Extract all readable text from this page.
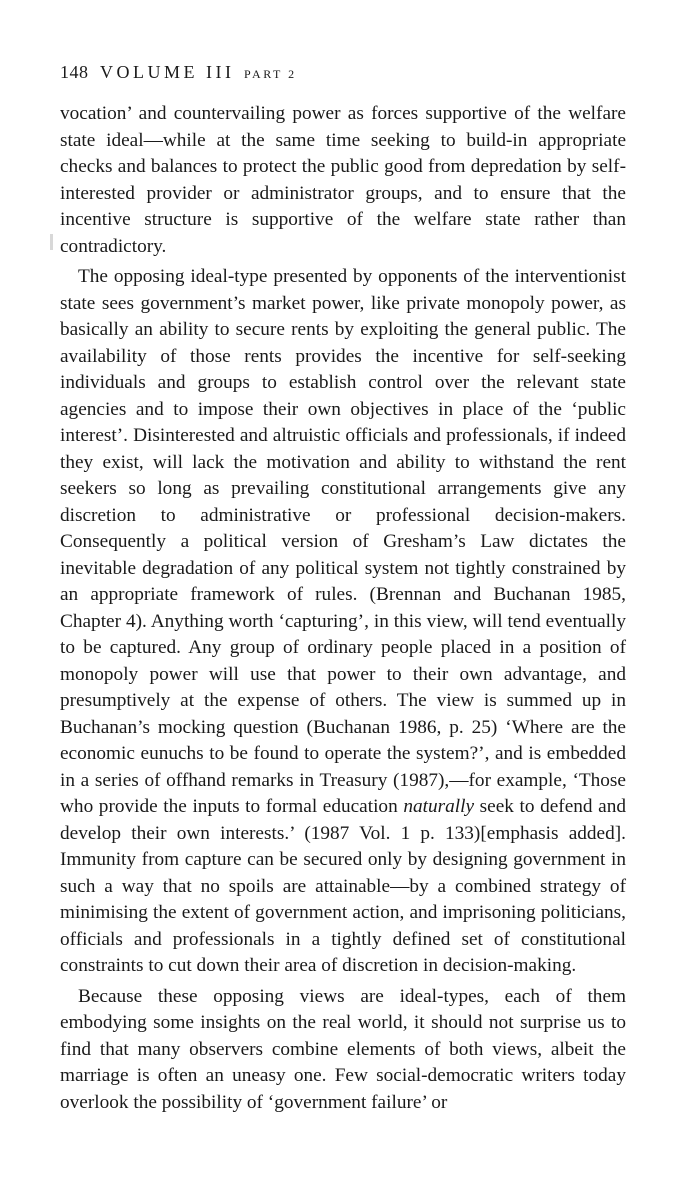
148 VOLUME III PART 2

vocation’ and countervailing power as forces supportive of the welfare state ideal—while at the same time seeking to build-in appropriate checks and balances to protect the public good from depredation by self-interested provider or administrator groups, and to ensure that the incentive structure is supportive of the welfare state rather than contradictory.

The opposing ideal-type presented by opponents of the interventionist state sees government’s market power, like private monopoly power, as basically an ability to secure rents by exploiting the general public. The availability of those rents provides the incentive for self-seeking individuals and groups to establish control over the relevant state agencies and to impose their own objectives in place of the ‘public interest’. Disinterested and altruistic officials and professionals, if indeed they exist, will lack the motivation and ability to withstand the rent seekers so long as prevailing constitutional arrangements give any discretion to administrative or professional decision-makers. Consequently a political version of Gresham’s Law dictates the inevitable degradation of any political system not tightly constrained by an appropriate framework of rules. (Brennan and Buchanan 1985, Chapter 4). Anything worth ‘capturing’, in this view, will tend eventually to be captured. Any group of ordinary people placed in a position of monopoly power will use that power to their own advantage, and presumptively at the expense of others. The view is summed up in Buchanan’s mocking question (Buchanan 1986, p. 25) ‘Where are the economic eunuchs to be found to operate the system?’, and is embedded in a series of offhand remarks in Treasury (1987),—for example, ‘Those who provide the inputs to formal education naturally seek to defend and develop their own interests.’ (1987 Vol. 1 p. 133)[emphasis added]. Immunity from capture can be secured only by designing government in such a way that no spoils are attainable—by a combined strategy of minimising the extent of government action, and imprisoning politicians, officials and professionals in a tightly defined set of constitutional constraints to cut down their area of discretion in decision-making.

Because these opposing views are ideal-types, each of them embodying some insights on the real world, it should not surprise us to find that many observers combine elements of both views, albeit the marriage is often an uneasy one. Few social-democratic writers today overlook the possibility of ‘government failure’ or
